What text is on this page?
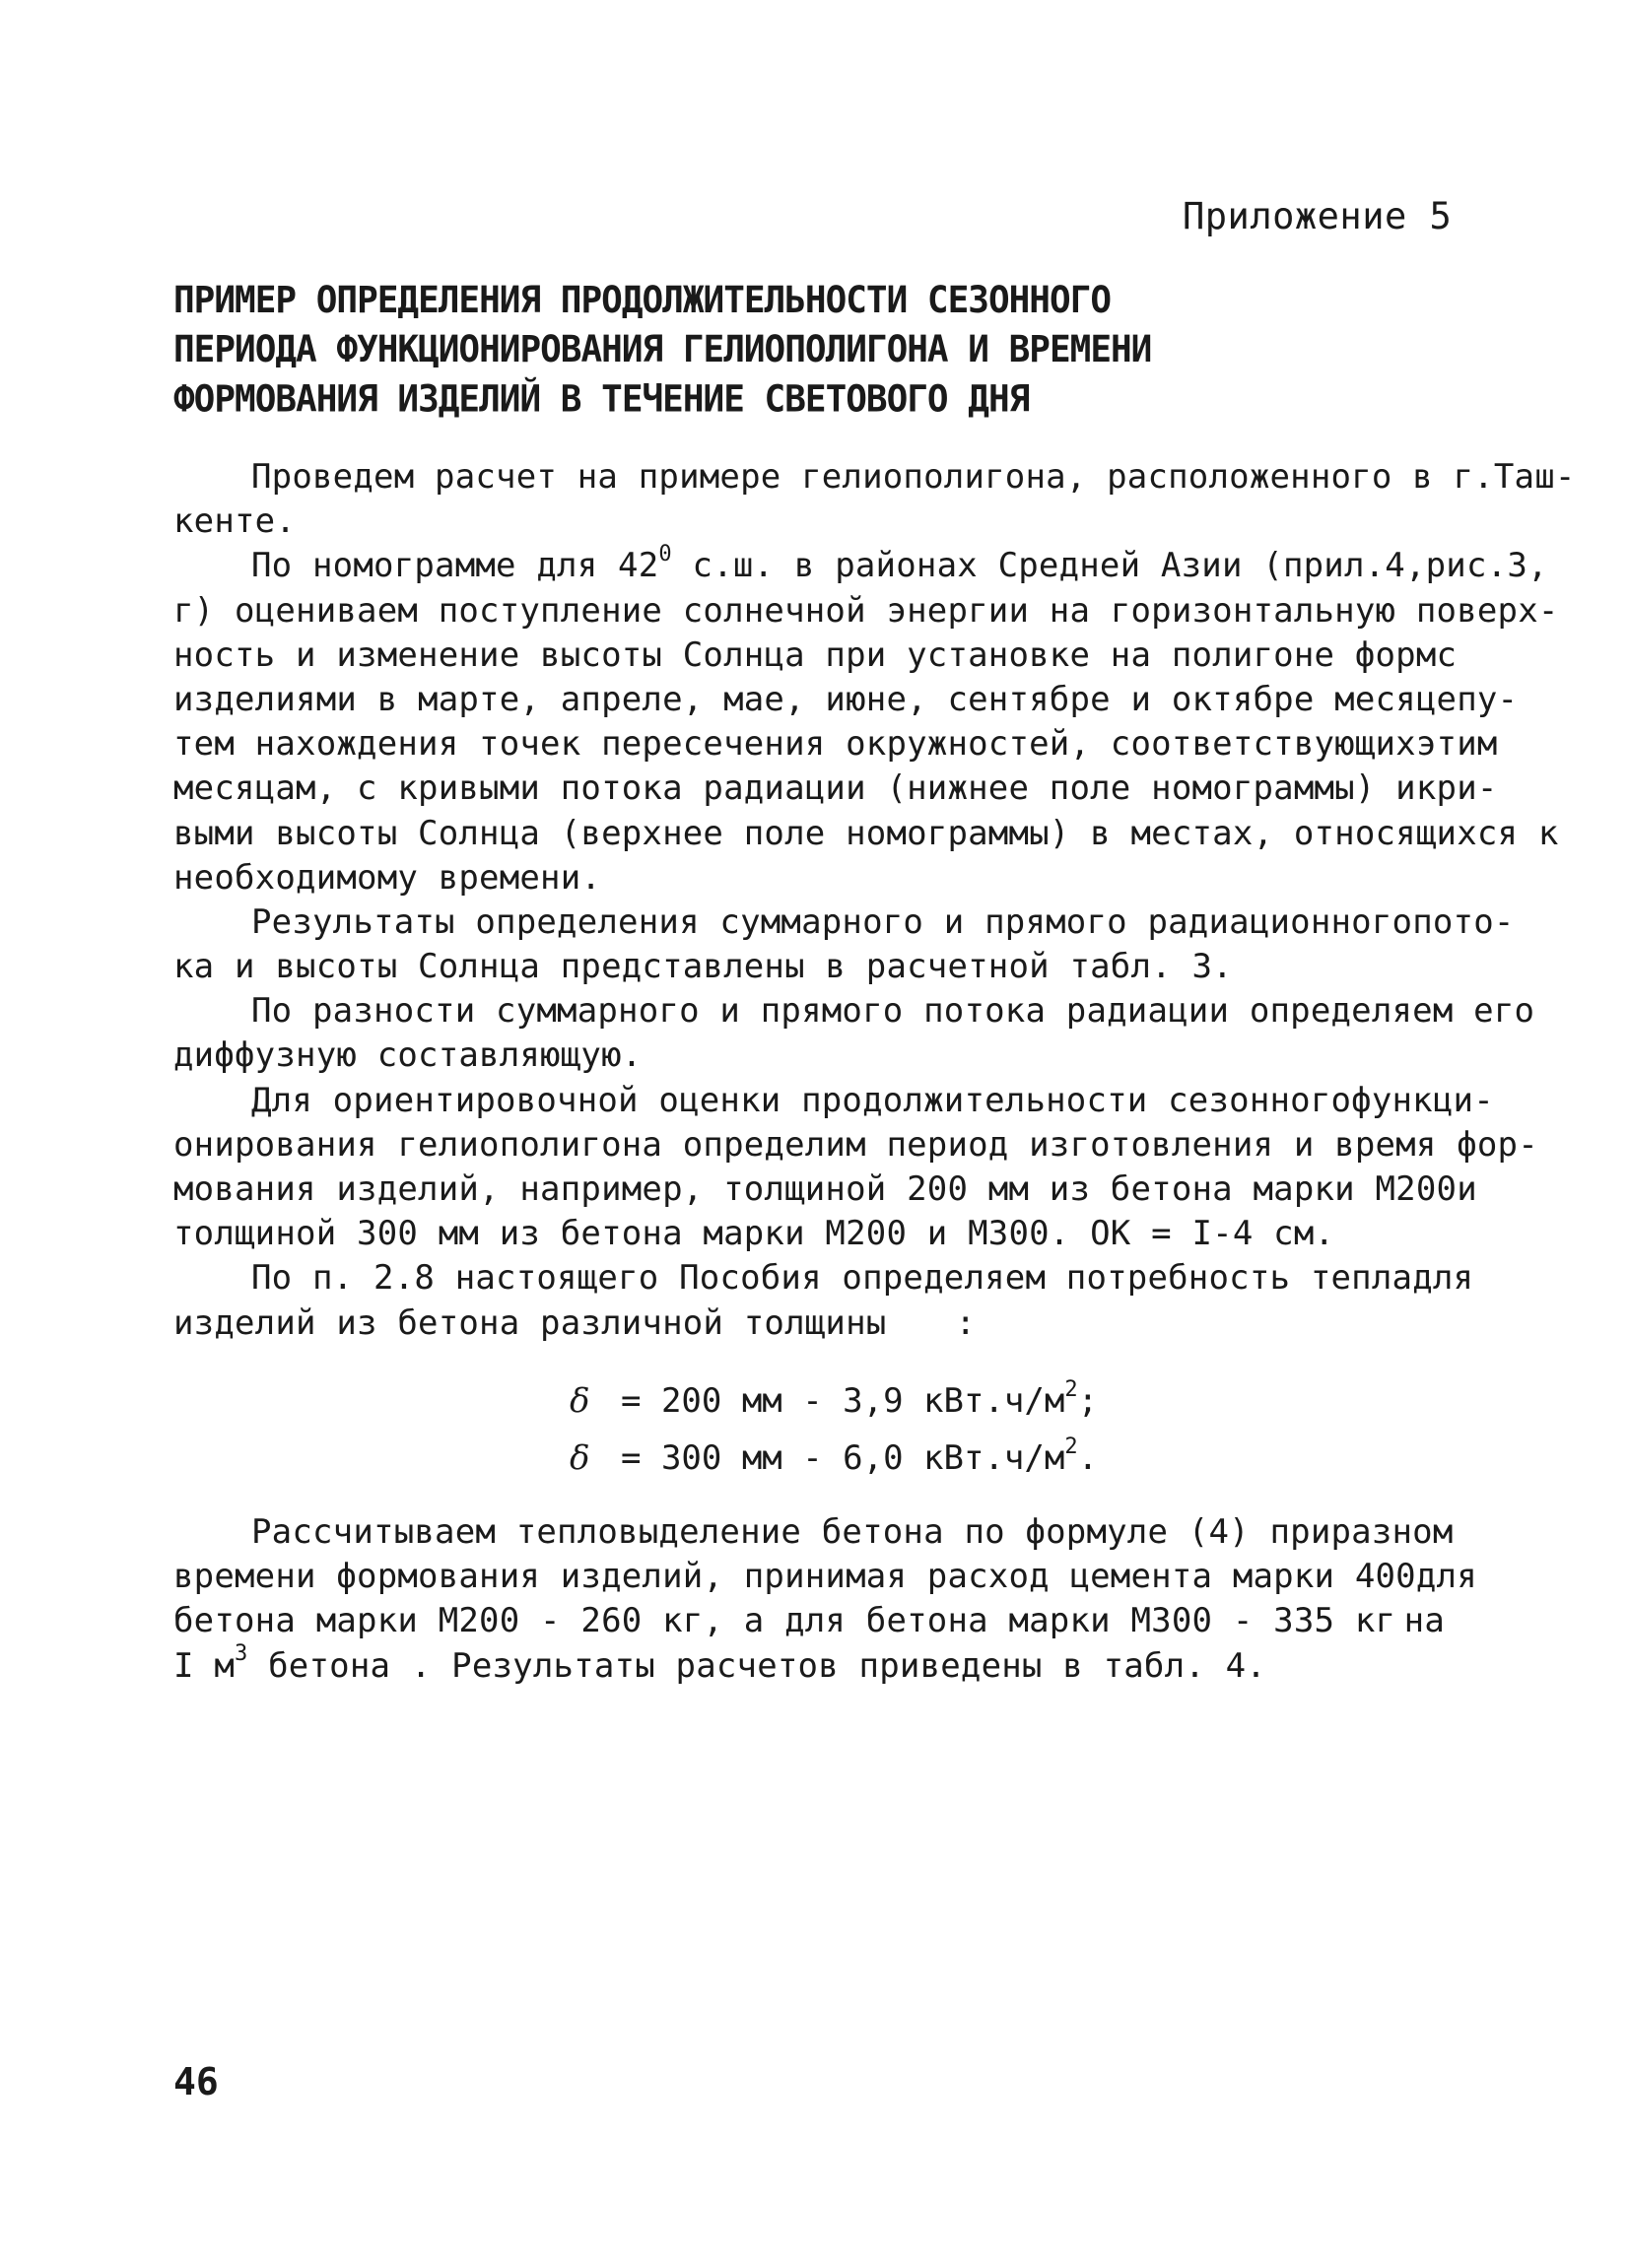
Приложение 5
ПРИМЕР ОПРЕДЕЛЕНИЯ ПРОДОЛЖИТЕЛЬНОСТИ СЕЗОННОГО
ПЕРИОДА ФУНКЦИОНИРОВАНИЯ ГЕЛИОПОЛИГОНА И ВРЕМЕНИ
ФОРМОВАНИЯ ИЗДЕЛИЙ В ТЕЧЕНИЕ СВЕТОВОГО ДНЯ
Проведем расчет на примере гелиополигона, расположенного в г.Таш-
кенте.
По номограмме для $42^0$ с.ш. в районах Средней Азии (прил.4,рис.3,
г) оцениваем поступление солнечной энергии на горизонтальную поверх-
ность и изменение высоты Солнца при установке на полигоне форм с
изделиями в марте, апреле, мае, июне, сентябре и октябре месяце пу-
тем нахождения точек пересечения окружностей, соответствующих этим
месяцам, с кривыми потока радиации (нижнее поле номограммы) и кри-
выми высоты Солнца (верхнее поле номограммы) в местах, относящихся к
необходимому времени.
Результаты определения суммарного и прямого радиационного пото-
ка и высоты Солнца представлены в расчетной табл. 3.
По разности суммарного и прямого потока радиации определяем его
диффузную составляющую.
Для ориентировочной оценки продолжительности сезонного функци-
онирования гелиополигона определим период изготовления и время фор-
мования изделий, например, толщиной 200 мм из бетона марки М200 и
толщиной 300 мм из бетона марки М200 и М300. ОК = I-4 см.
По п. 2.8 настоящего Пособия определяем потребность тепла для
изделий из бетона различной толщины :
δ = 200 мм - 3,9 $кВт.ч/м^2$;
δ = 300 мм - 6,0 $кВт.ч/м^2$.
Рассчитываем тепловыделение бетона по формуле (4) при разном
времени формования изделий, принимая расход цемента марки 400 для
бетона марки М200 - 260 кг, а для бетона марки М300 - 335 кг на
I $м^3$ бетона . Результаты расчетов приведены в табл. 4.
46
